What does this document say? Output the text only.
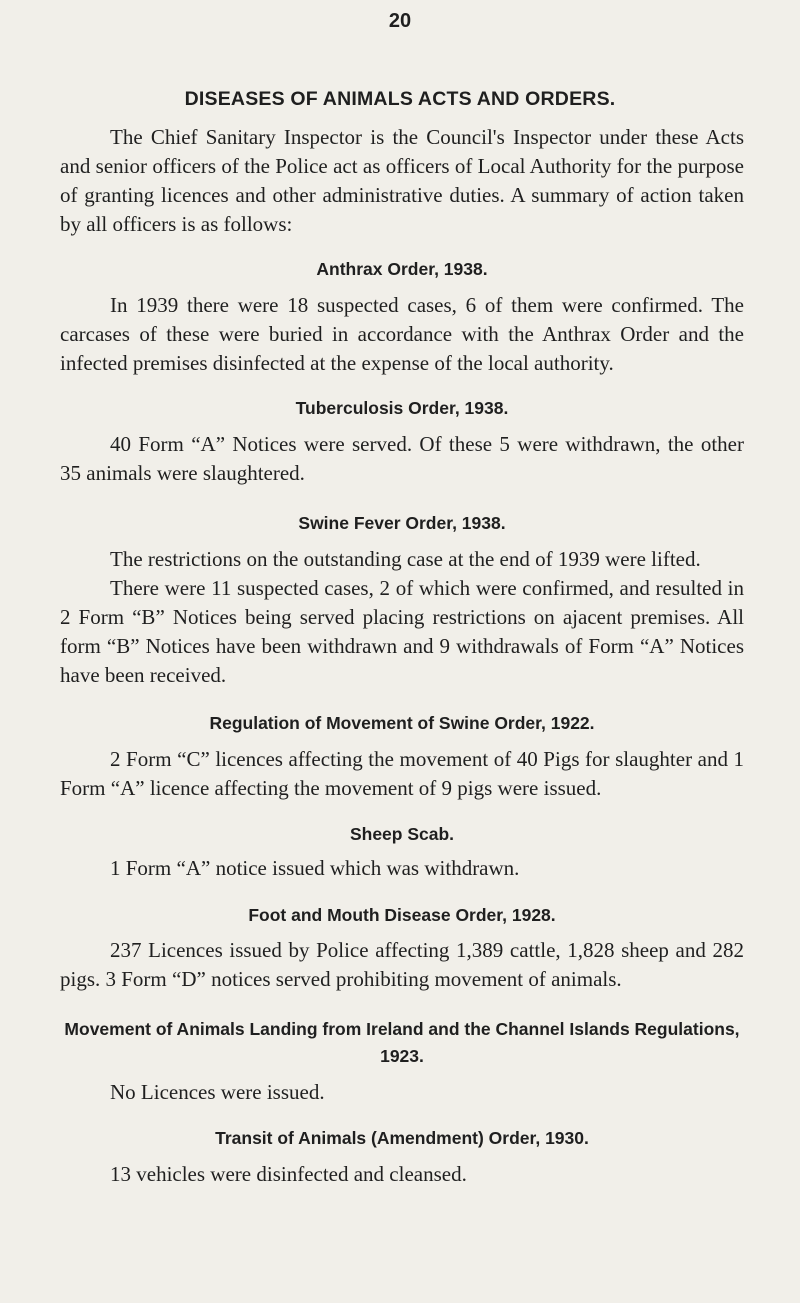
20
DISEASES OF ANIMALS ACTS AND ORDERS.

The Chief Sanitary Inspector is the Council's Inspector under these Acts and senior officers of the Police act as officers of Local Authority for the purpose of granting licences and other administrative duties. A summary of action taken by all officers is as follows:

Anthrax Order, 1938.

In 1939 there were 18 suspected cases, 6 of them were confirmed. The carcases of these were buried in accordance with the Anthrax Order and the infected premises disinfected at the expense of the local authority.

Tuberculosis Order, 1938.

40 Form “A” Notices were served. Of these 5 were withdrawn, the other 35 animals were slaughtered.

Swine Fever Order, 1938.

The restrictions on the outstanding case at the end of 1939 were lifted.

There were 11 suspected cases, 2 of which were confirmed, and resulted in 2 Form “B” Notices being served placing restrictions on ajacent premises. All form “B” Notices have been withdrawn and 9 withdrawals of Form “A” Notices have been received.

Regulation of Movement of Swine Order, 1922.

2 Form “C” licences affecting the movement of 40 Pigs for slaughter and 1 Form “A” licence affecting the movement of 9 pigs were issued.

Sheep Scab.

1 Form “A” notice issued which was withdrawn.

Foot and Mouth Disease Order, 1928.

237 Licences issued by Police affecting 1,389 cattle, 1,828 sheep and 282 pigs. 3 Form “D” notices served prohibiting movement of animals.

Movement of Animals Landing from Ireland and the Channel Islands Regulations, 1923.

No Licences were issued.

Transit of Animals (Amendment) Order, 1930.

13 vehicles were disinfected and cleansed.
